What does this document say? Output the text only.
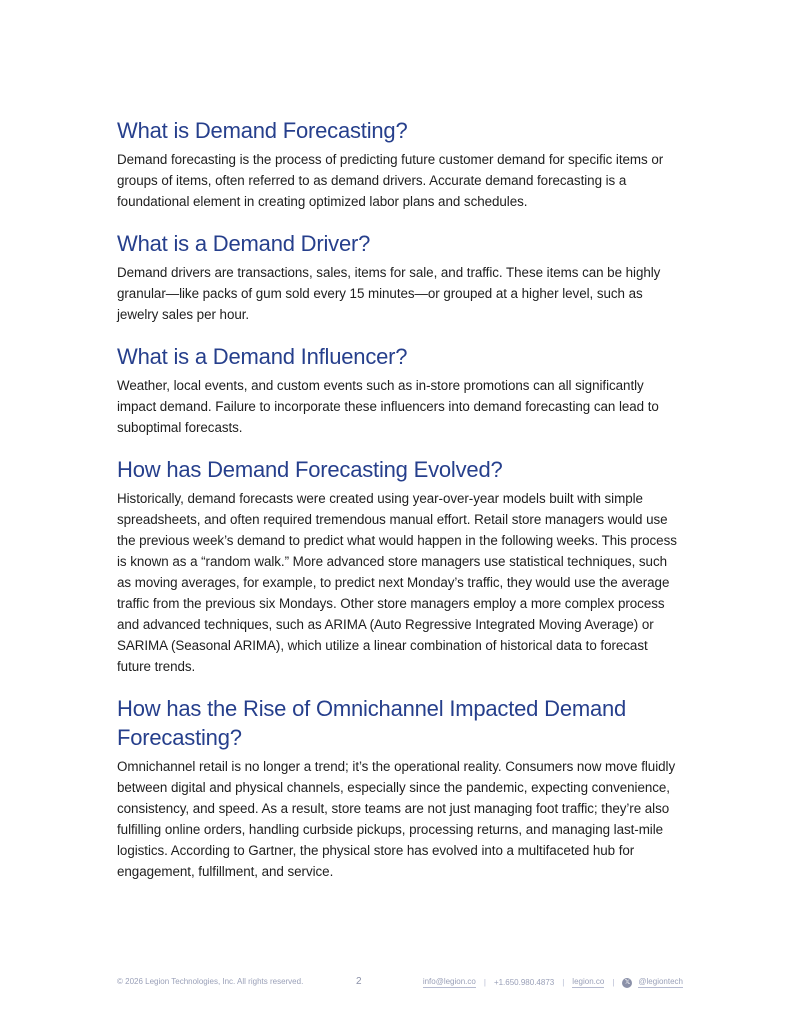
What is Demand Forecasting?

Demand forecasting is the process of predicting future customer demand for specific items or groups of items, often referred to as demand drivers. Accurate demand forecasting is a foundational element in creating optimized labor plans and schedules.

What is a Demand Driver?

Demand drivers are transactions, sales, items for sale, and traffic. These items can be highly granular—like packs of gum sold every 15 minutes—or grouped at a higher level, such as jewelry sales per hour.

What is a Demand Influencer?

Weather, local events, and custom events such as in-store promotions can all significantly impact demand. Failure to incorporate these influencers into demand forecasting can lead to suboptimal forecasts.

How has Demand Forecasting Evolved?

Historically, demand forecasts were created using year-over-year models built with simple spreadsheets, and often required tremendous manual effort. Retail store managers would use the previous week’s demand to predict what would happen in the following weeks. This process is known as a “random walk.” More advanced store managers use statistical techniques, such as moving averages, for example, to predict next Monday’s traffic, they would use the average traffic from the previous six Mondays. Other store managers employ a more complex process and advanced techniques, such as ARIMA (Auto Regressive Integrated Moving Average) or SARIMA (Seasonal ARIMA), which utilize a linear combination of historical data to forecast future trends.

How has the Rise of Omnichannel Impacted Demand Forecasting?

Omnichannel retail is no longer a trend; it’s the operational reality. Consumers now move fluidly between digital and physical channels, especially since the pandemic, expecting convenience, consistency, and speed. As a result, store teams are not just managing foot traffic; they’re also fulfilling online orders, handling curbside pickups, processing returns, and managing last-mile logistics. According to Gartner, the physical store has evolved into a multifaceted hub for engagement, fulfillment, and service.

© 2026 Legion Technologies, Inc. All rights reserved.	2	info@legion.co | +1.650.980.4873 | legion.co |	𝕏 @legiontech
